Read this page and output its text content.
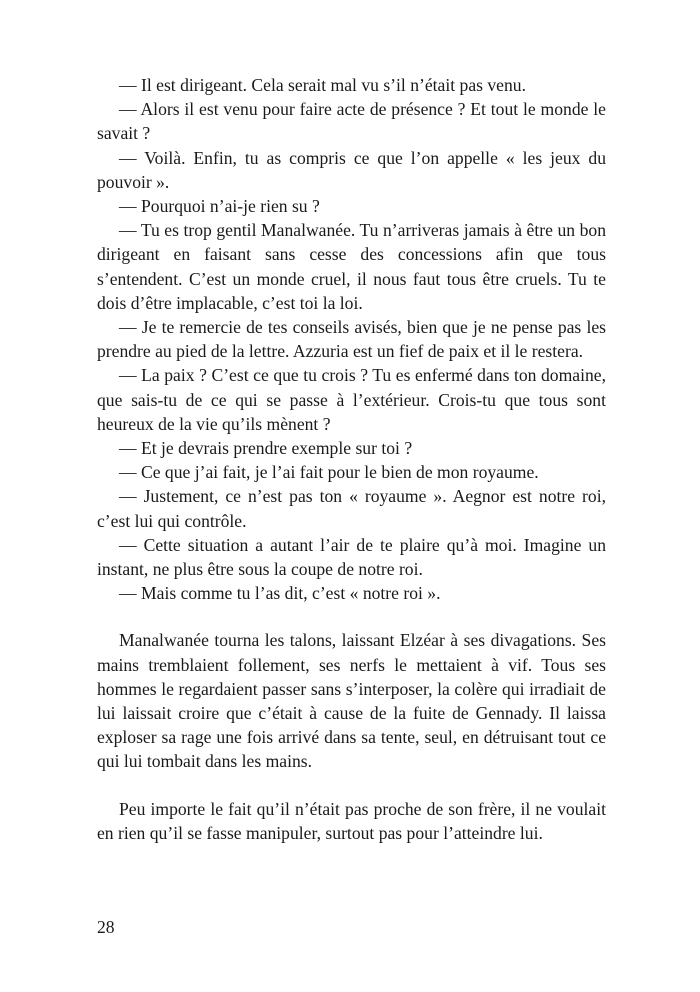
— Il est dirigeant. Cela serait mal vu s’il n’était pas venu.

— Alors il est venu pour faire acte de présence ? Et tout le monde le savait ?

— Voilà. Enfin, tu as compris ce que l’on appelle « les jeux du pouvoir ».

— Pourquoi n’ai-je rien su ?

— Tu es trop gentil Manalwanée. Tu n’arriveras jamais à être un bon dirigeant en faisant sans cesse des concessions afin que tous s’entendent. C’est un monde cruel, il nous faut tous être cruels. Tu te dois d’être implacable, c’est toi la loi.

— Je te remercie de tes conseils avisés, bien que je ne pense pas les prendre au pied de la lettre. Azzuria est un fief de paix et il le restera.

— La paix ? C’est ce que tu crois ? Tu es enfermé dans ton domaine, que sais-tu de ce qui se passe à l’extérieur. Crois-tu que tous sont heureux de la vie qu’ils mènent ?

— Et je devrais prendre exemple sur toi ?

— Ce que j’ai fait, je l’ai fait pour le bien de mon royaume.

— Justement, ce n’est pas ton « royaume ». Aegnor est notre roi, c’est lui qui contrôle.

— Cette situation a autant l’air de te plaire qu’à moi. Imagine un instant, ne plus être sous la coupe de notre roi.

— Mais comme tu l’as dit, c’est « notre roi ».

Manalwanée tourna les talons, laissant Elzéar à ses divagations. Ses mains tremblaient follement, ses nerfs le mettaient à vif. Tous ses hommes le regardaient passer sans s’interposer, la colère qui irradiait de lui laissait croire que c’était à cause de la fuite de Gennady. Il laissa exploser sa rage une fois arrivé dans sa tente, seul, en détruisant tout ce qui lui tombait dans les mains.

Peu importe le fait qu’il n’était pas proche de son frère, il ne voulait en rien qu’il se fasse manipuler, surtout pas pour l’atteindre lui.

28
